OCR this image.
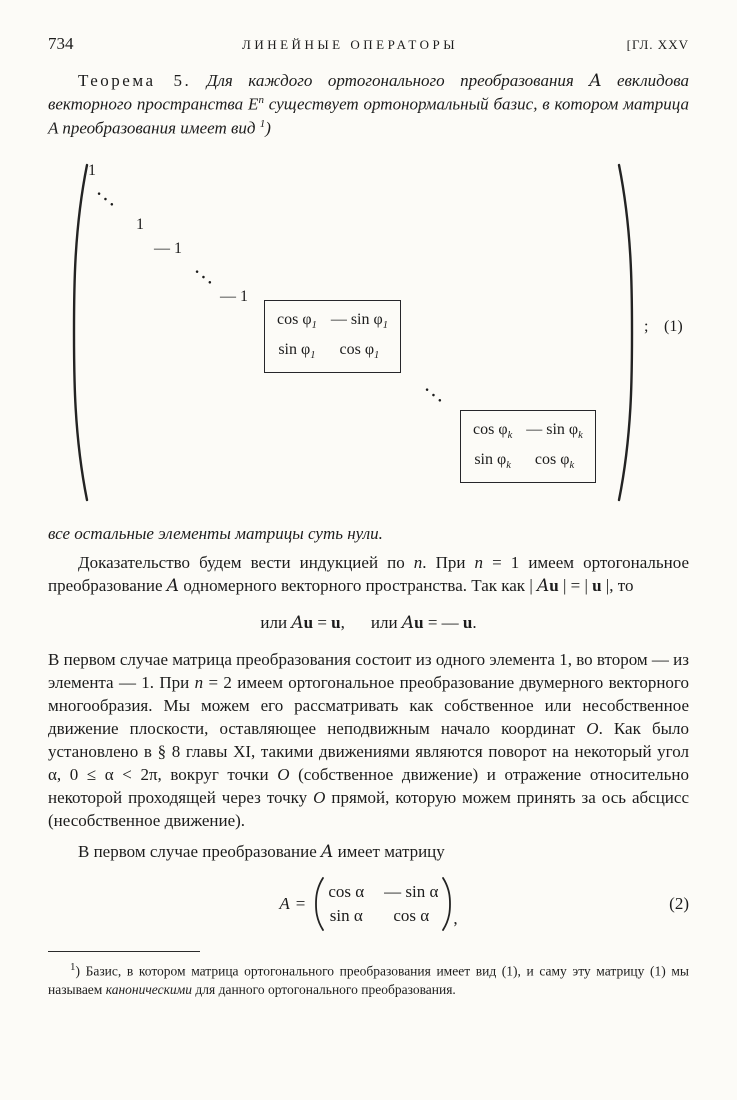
734	ЛИНЕЙНЫЕ ОПЕРАТОРЫ	[ГЛ. XXV

Теорема 5. Для каждого ортогонального преобразования A евклидова векторного пространства $E^n$ существует ортонормальный базис, в котором матрица A преобразования имеет вид $^1$)

1
···
1
— 1
···
— 1
$\cos \varphi_1$ — $\sin \varphi_1$
$\sin \varphi_1$	$\cos \varphi_1$
···
$\cos \varphi_k$ — $\sin \varphi_k$
$\sin \varphi_k$	$\cos \varphi_k$
; (1)

все остальные элементы матрицы суть нули.

Доказательство будем вести индукцией по n. При n = 1 имеем ортогональное преобразование A одномерного векторного пространства. Так как | Au | = | u |, то

или Au = u, или Au = — u.

В первом случае матрица преобразования состоит из одного элемента 1, во втором — из элемента — 1. При n = 2 имеем ортогональное преобразование двумерного векторного многообразия. Мы можем его рассматривать как собственное или несобственное движение плоскости, оставляющее неподвижным начало координат O. Как было установлено в § 8 главы XI, такими движениями являются поворот на некоторый угол α, 0 ≤ α < 2π, вокруг точки O (собственное движение) и отражение относительно некоторой проходящей через точку O прямой, которую можем принять за ось абсцисс (несобственное движение).

В первом случае преобразование A имеет матрицу

A =
cos α — sin α
sin α	cos α	,
(2)

$^1$) Базис, в котором матрица ортогонального преобразования имеет вид (1), и саму эту матрицу (1) мы называем каноническими для данного ортогонального преобразования.
